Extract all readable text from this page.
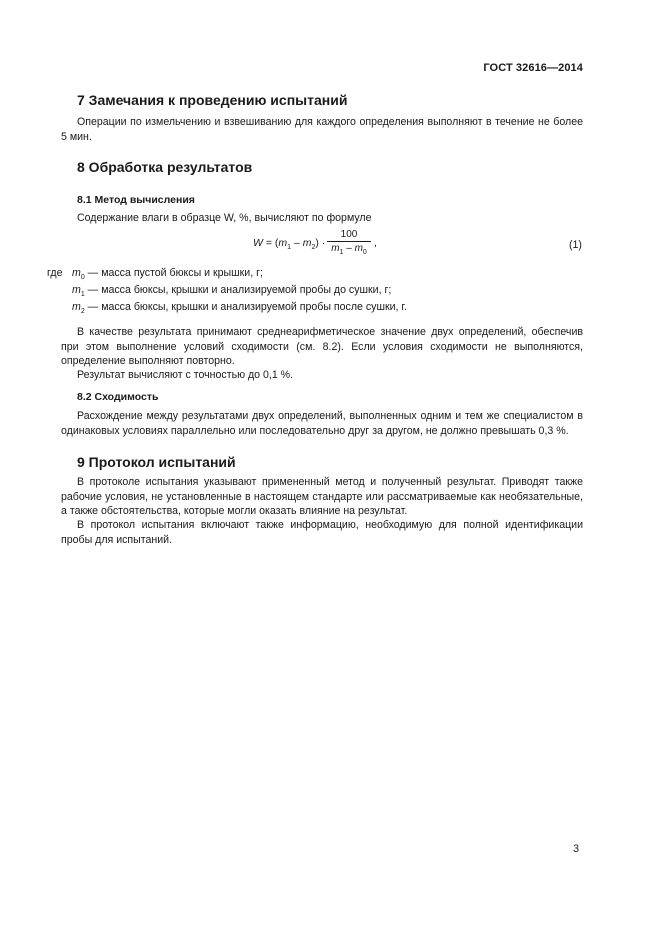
ГОСТ 32616—2014
7 Замечания к проведению испытаний
Операции по измельчению и взвешиванию для каждого определения выполняют в течение не более 5 мин.
8 Обработка результатов
8.1 Метод вычисления
Содержание влаги в образце W, %, вычисляют по формуле
$W = (m_1 - m_2)$ ·
100
$m_1 - m_0$
,	(1)
где $m_0$ — масса пустой бюксы и крышки, г;
$m_1$ — масса бюксы, крышки и анализируемой пробы до сушки, г;
$m_2$ — масса бюксы, крышки и анализируемой пробы после сушки, г.
В качестве результата принимают среднеарифметическое значение двух определений, обеспечив при этом выполнение условий сходимости (см. 8.2). Если условия сходимости не выполняются, определение выполняют повторно.
Результат вычисляют с точностью до 0,1 %.
8.2 Сходимость
Расхождение между результатами двух определений, выполненных одним и тем же специалистом в одинаковых условиях параллельно или последовательно друг за другом, не должно превышать 0,3 %.
9 Протокол испытаний
В протоколе испытания указывают примененный метод и полученный результат. Приводят также рабочие условия, не установленные в настоящем стандарте или рассматриваемые как необязательные, а также обстоятельства, которые могли оказать влияние на результат.
В протокол испытания включают также информацию, необходимую для полной идентификации пробы для испытаний.
3
